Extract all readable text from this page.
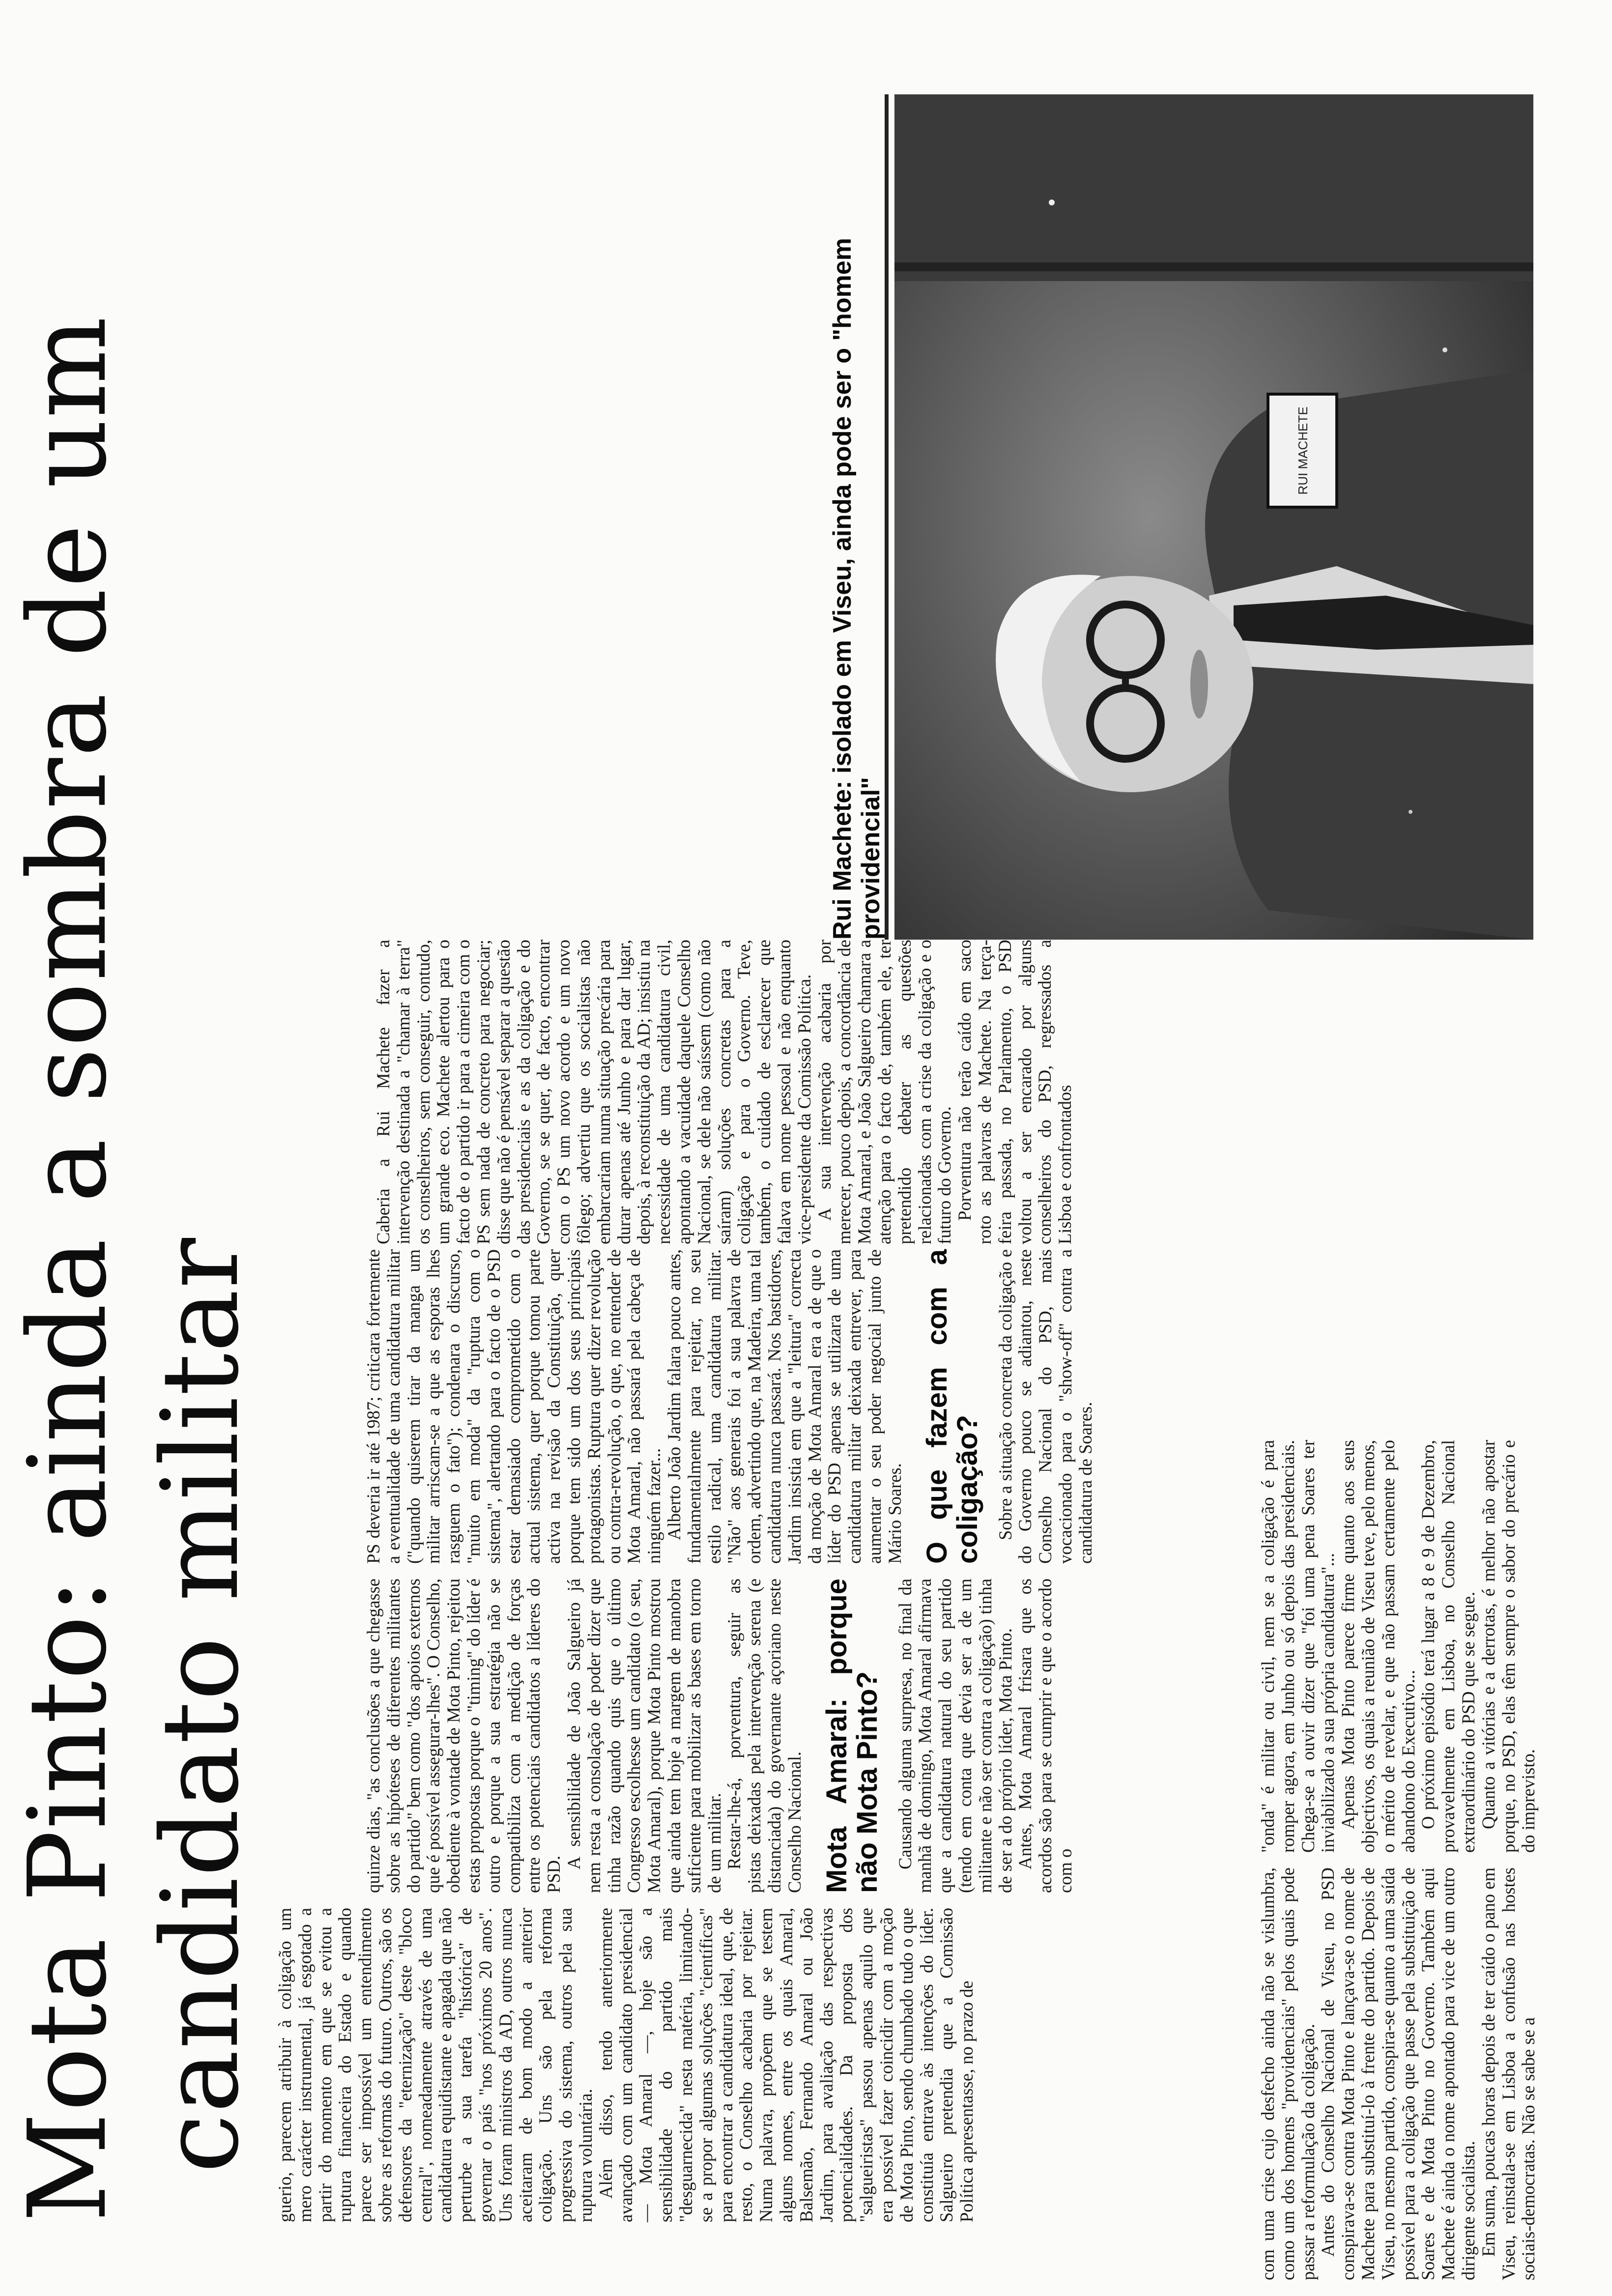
Mota Pinto: ainda a sombra de um candidato militar guerio, parecem atribuir à coligação um mero carácter instrumental, já esgotado a partir do momento em que se evitou a ruptura financeira do Estado e quando parece ser impossível um entendimento sobre as reformas do futuro. Outros, são os defensores da "eternização" deste "bloco central", nomeadamente através de uma candidatura equidistante e apagada que não perturbe a sua tarefa "histórica" de governar o país "nos próximos 20 anos". Uns foram ministros da AD, outros nunca aceitaram de bom modo a anterior coligação. Uns são pela reforma progressiva do sistema, outros pela sua ruptura voluntária. Além disso, tendo anteriormente avançado com um candidato presidencial — Mota Amaral —, hoje são a sensibilidade do partido mais "desguarnecida" nesta matéria, limitando-se a propor algumas soluções "científicas" para encontrar a candidatura ideal, que, de resto, o Conselho acabaria por rejeitar. Numa palavra, propõem que se testem alguns nomes, entre os quais Amaral, Balsemão, Fernando Amaral ou João Jardim, para avaliação das respectivas potencialidades. Da proposta dos "salgueiristas" passou apenas aquilo que era possível fazer coincidir com a moção de Mota Pinto, sendo chumbado tudo o que constituía entrave às intenções do líder. Salgueiro pretendia que a Comissão Política apresentasse, no prazo de

quinze dias, "as conclusões a que chegasse sobre as hipóteses de diferentes militantes do partido" bem como "dos apoios externos que é possível assegurar-lhes". O Conselho, obediente à vontade de Mota Pinto, rejeitou estas propostas porque o "timing" do líder é outro e porque a sua estratégia não se compatibiliza com a medição de forças entre os potenciais candidatos a líderes do PSD.

A sensibilidade de João Salgueiro já nem resta a consolação de poder dizer que tinha razão quando quis que o último Congresso escolhesse um candidato (o seu, Mota Amaral), porque Mota Pinto mostrou que ainda tem hoje a margem de manobra suficiente para mobilizar as bases em torno de um militar. Restar-lhe-á, porventura, seguir as pistas deixadas pela intervenção serena (e distanciada) do governante açoriano neste Conselho Nacional. Mota Amaral: porque não Mota Pinto? Causando alguma surpresa, no final da manhã de domingo, Mota Amaral afirmava que a candidatura natural do seu partido (tendo em conta que devia ser a de um militante e não ser contra a coligação) tinha de ser a do próprio líder, Mota Pinto. Antes, Mota Amaral frisara que os acordos são para se cumprir e que o acordo com o

PS deveria ir até 1987; criticara fortemente a eventualidade de uma candidatura militar ("quando quiserem tirar da manga um militar arriscam-se a que as esporas lhes rasguem o fato"); condenara o discurso, "muito em moda" da "ruptura com o sistema", alertando para o facto de o PSD estar demasiado comprometido com o actual sistema, quer porque tomou parte activa na revisão da Constituição, quer porque tem sido um dos seus principais protagonistas. Ruptura quer dizer revolução ou contra-revolução, o que, no entender de Mota Amaral, não passará pela cabeça de ninguém fazer... Alberto João Jardim falara pouco antes, fundamentalmente para rejeitar, no seu estilo radical, uma candidatura militar. "Não" aos generais foi a sua palavra de ordem, advertindo que, na Madeira, uma tal candidatura nunca passará. Nos bastidores, Jardim insistia em que a "leitura" correcta da moção de Mota Amaral era a de que o líder do PSD apenas se utilizara de uma candidatura militar deixada entrever, para aumentar o seu poder negocial junto de Mário Soares. O que fazem com a coligação? Sobre a situação concreta da coligação e do Governo pouco se adiantou, neste Conselho Nacional do PSD, mais vocacionado para o "show-off" contra a candidatura de Soares.

Caberia a Rui Machete fazer a intervenção destinada a "chamar à terra" os conselheiros, sem conseguir, contudo, um grande eco. Machete alertou para o facto de o partido ir para a cimeira com o PS sem nada de concreto para negociar; disse que não é pensável separar a questão das presidenciais e as da coligação e do Governo, se se quer, de facto, encontrar com o PS um novo acordo e um novo fôlego; advertiu que os socialistas não embarcariam numa situação precária para durar apenas até Junho e para dar lugar, depois, à reconstituição da AD; insistiu na necessidade de uma candidatura civil, apontando a vacuidade daquele Conselho Nacional, se dele não saíssem (como não saíram) soluções concretas para a coligação e para o Governo. Teve, também, o cuidado de esclarecer que falava em nome pessoal e não enquanto vice-presidente da Comissão Política. A sua intervenção acabaria por merecer, pouco depois, a concordância de Mota Amaral, e João Salgueiro chamara a atenção para o facto de, também ele, ter pretendido debater as questões relacionadas com a crise da coligação e o futuro do Governo. Porventura não terão caído em saco roto as palavras de Machete. Na terça-feira passada, no Parlamento, o PSD voltou a ser encarado por alguns conselheiros do PSD, regressados a Lisboa e confrontados

RUI MACHETE
Rui Machete: isolado em Viseu, ainda pode ser o "homem providencial"

com uma crise cujo desfecho ainda não se vislumbra, como um dos homens "providenciais" pelos quais pode passar a reformulação da coligação. Antes do Conselho Nacional de Viseu, no PSD conspirava-se contra Mota Pinto e lançava-se o nome de Machete para substituí-lo à frente do partido. Depois de Viseu, no mesmo partido, conspira-se quanto a uma saída possível para a coligação que passe pela substituição de Soares e de Mota Pinto no Governo. Também aqui Machete é ainda o nome apontado para vice de um outro dirigente socialista. Em suma, poucas horas depois de ter caído o pano em Viseu, reinstala-se em Lisboa a confusão nas hostes sociais-democratas. Não se sabe se a

"onda" é militar ou civil, nem se a coligação é para romper agora, em Junho ou só depois das presidenciais. Chega-se a ouvir dizer que "foi uma pena Soares ter inviabilizado a sua própria candidatura"... Apenas Mota Pinto parece firme quanto aos seus objectivos, os quais a reunião de Viseu teve, pelo menos, o mérito de revelar, e que não passam certamente pelo abandono do Executivo... O próximo episódio terá lugar a 8 e 9 de Dezembro, provavelmente em Lisboa, no Conselho Nacional extraordinário do PSD que se segue. Quanto a vitórias e a derrotas, é melhor não apostar porque, no PSD, elas têm sempre o sabor do precário e do imprevisto.
